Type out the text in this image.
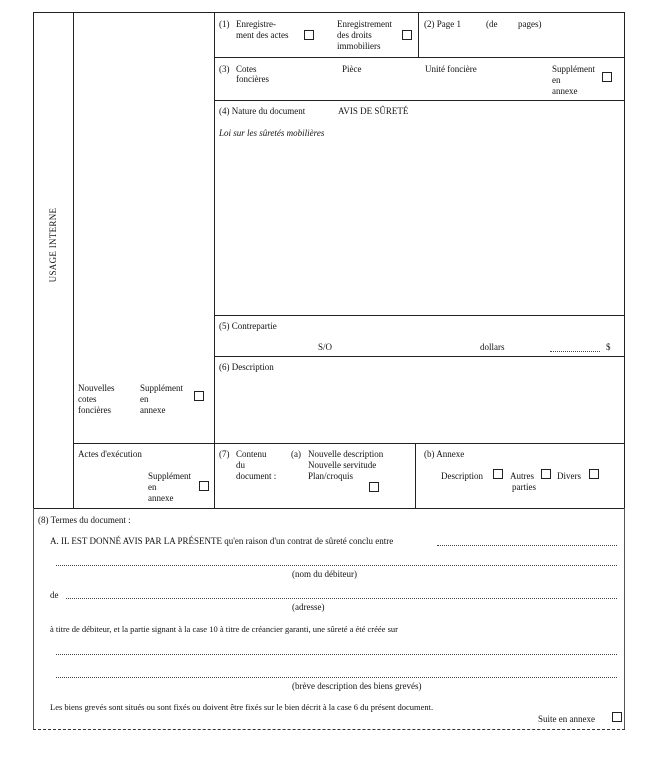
USAGE INTERNE
(1) Enregistre-
ment des actes
Enregistrement
des droits
immobiliers
(2) Page 1	(de pages)
(3) Cotes
foncières
Pièce	Unité foncière	Supplément
en
annexe
(4) Nature du document	AVIS DE SÛRETÉ
Loi sur les sûretés mobilières
(5) Contrepartie
S/O	dollars	$
(6) Description
Nouvelles
cotes
foncières
Supplément
en
annexe
Actes d'exécution
Supplément
en
annexe
(7) Contenu
du
document :
(a) Nouvelle description
Nouvelle servitude
Plan/croquis
(b) Annexe
Description	Autres
parties
Divers
(8) Termes du document :
A. IL EST DONNÉ AVIS PAR LA PRÉSENTE qu'en raison d'un contrat de sûreté conclu entre
(nom du débiteur)
de
(adresse)
à titre de débiteur, et la partie signant à la case 10 à titre de créancier garanti, une sûreté a été créée sur
(brève description des biens grevés)
Les biens grevés sont situés ou sont fixés ou doivent être fixés sur le bien décrit à la case 6 du présent document.
Suite en annexe
